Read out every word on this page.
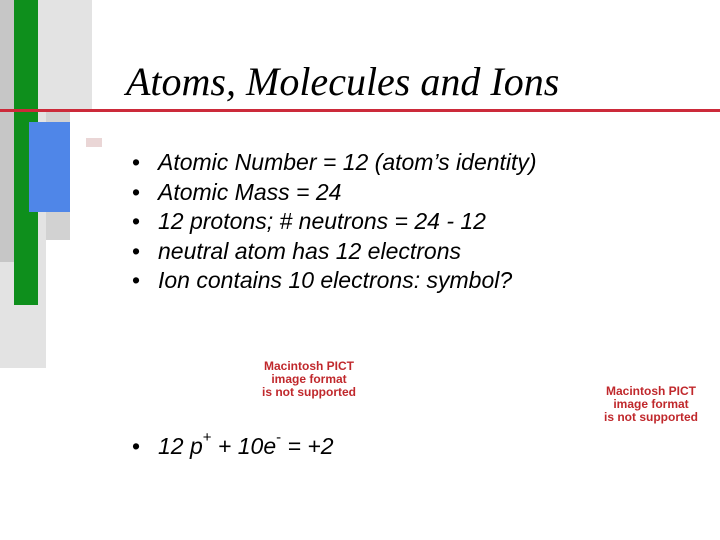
Atoms, Molecules and Ions
• Atomic Number = 12 (atom’s identity)
• Atomic Mass = 24
• 12 protons; # neutrons = 24 - 12
• neutral atom has 12 electrons
• Ion contains 10 electrons: symbol?
Macintosh PICT
image format
is not supported	Macintosh PICT
image format
is not supported
• 12 p+ + 10e- = +2
